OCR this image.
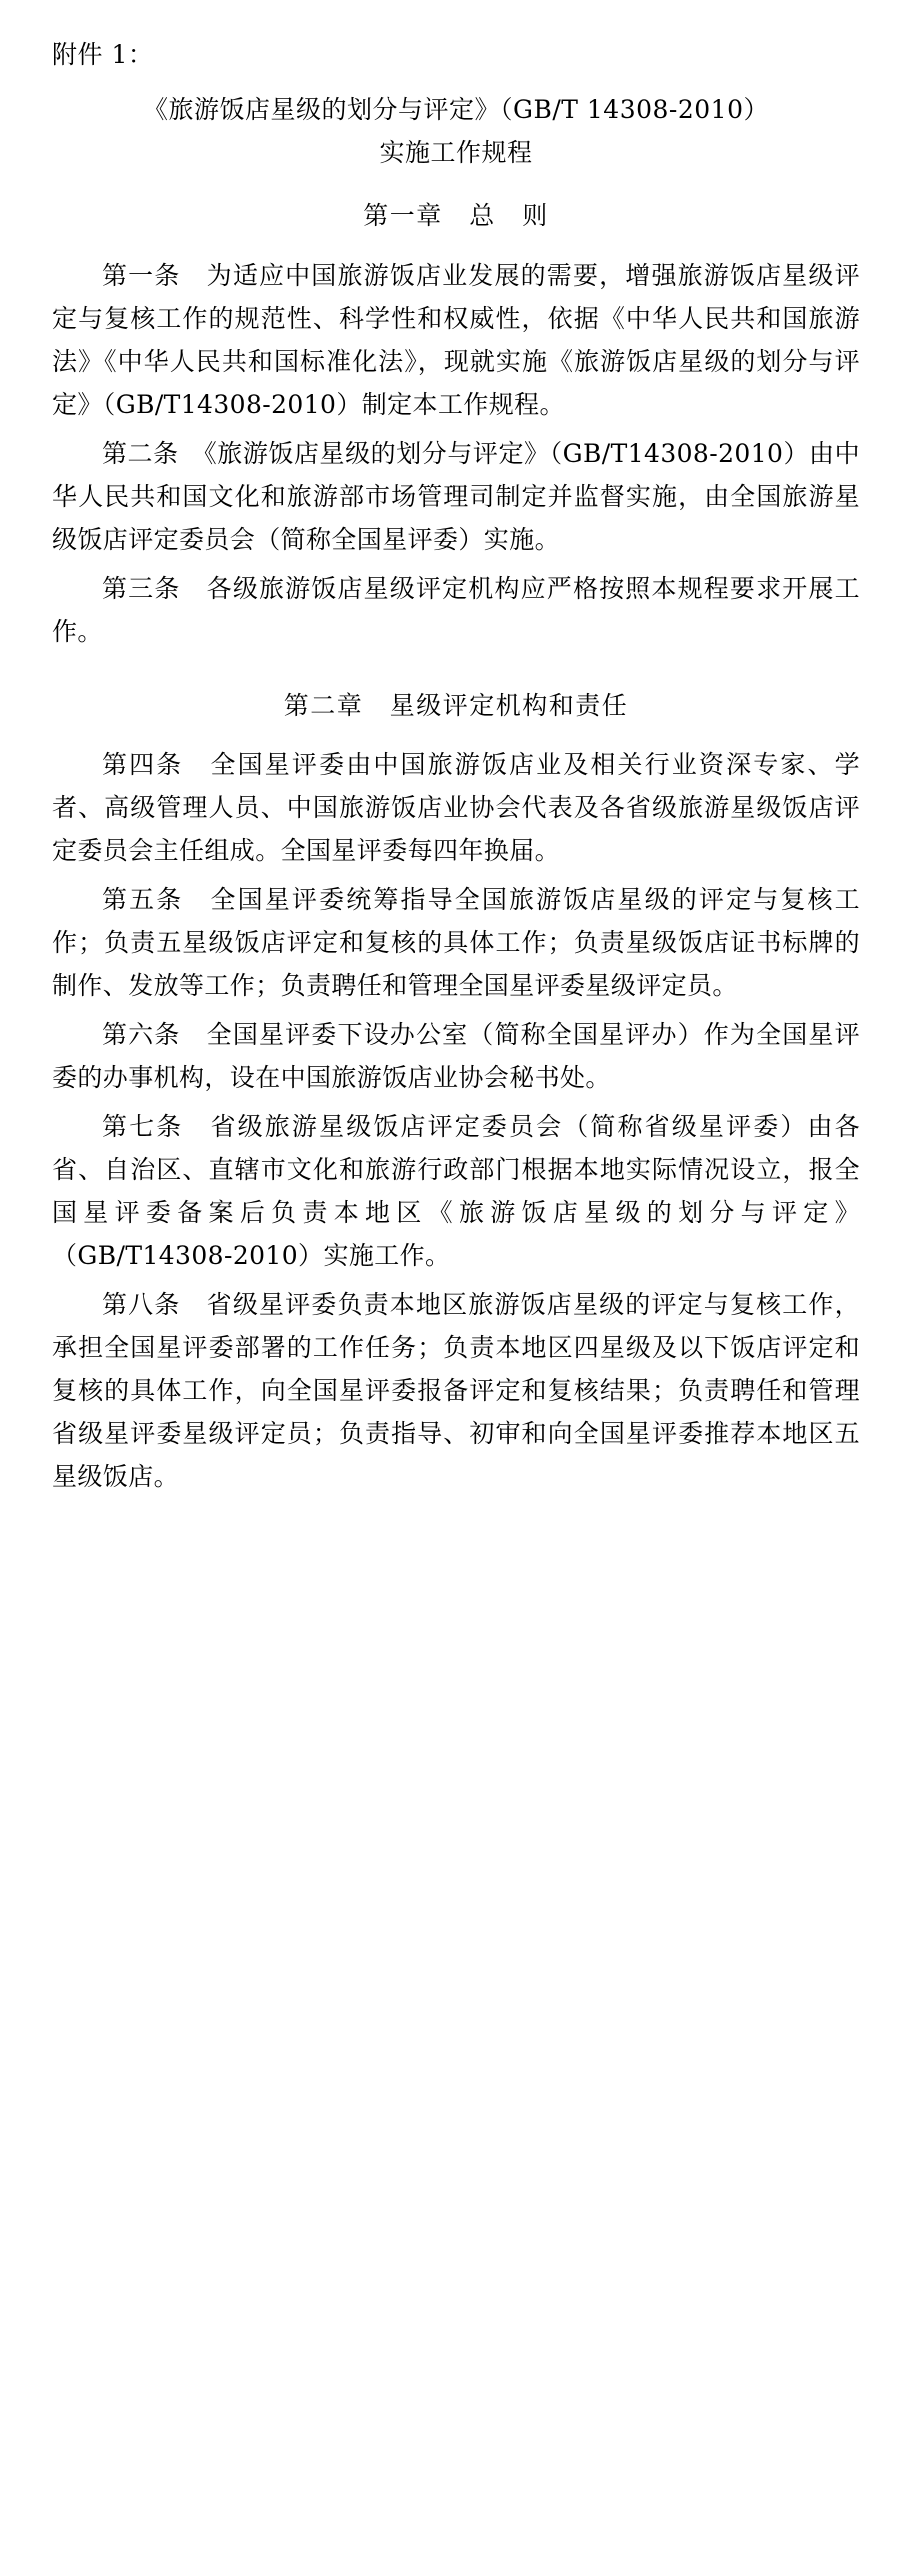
附件 1：
《旅游饭店星级的划分与评定》（GB/T 14308-2010）
实施工作规程
第一章　总　则

第一条　为适应中国旅游饭店业发展的需要，增强旅游饭店星级评定与复核工作的规范性、科学性和权威性，依据《中华人民共和国旅游法》《中华人民共和国标准化法》，现就实施《旅游饭店星级的划分与评定》（GB/T14308-2010）制定本工作规程。

第二条　《旅游饭店星级的划分与评定》（GB/T14308-2010）由中华人民共和国文化和旅游部市场管理司制定并监督实施，由全国旅游星级饭店评定委员会（简称全国星评委）实施。

第三条　各级旅游饭店星级评定机构应严格按照本规程要求开展工作。

第二章　星级评定机构和责任

第四条　全国星评委由中国旅游饭店业及相关行业资深专家、学者、高级管理人员、中国旅游饭店业协会代表及各省级旅游星级饭店评定委员会主任组成。全国星评委每四年换届。

第五条　全国星评委统筹指导全国旅游饭店星级的评定与复核工作；负责五星级饭店评定和复核的具体工作；负责星级饭店证书标牌的制作、发放等工作；负责聘任和管理全国星评委星级评定员。

第六条　全国星评委下设办公室（简称全国星评办）作为全国星评委的办事机构，设在中国旅游饭店业协会秘书处。

第七条　省级旅游星级饭店评定委员会（简称省级星评委）由各省、自治区、直辖市文化和旅游行政部门根据本地实际情况设立，报全国星评委备案后负责本地区《旅游饭店星级的划分与评定》（GB/T14308-2010）实施工作。

第八条　省级星评委负责本地区旅游饭店星级的评定与复核工作，承担全国星评委部署的工作任务；负责本地区四星级及以下饭店评定和复核的具体工作，向全国星评委报备评定和复核结果；负责聘任和管理省级星评委星级评定员；负责指导、初审和向全国星评委推荐本地区五星级饭店。
